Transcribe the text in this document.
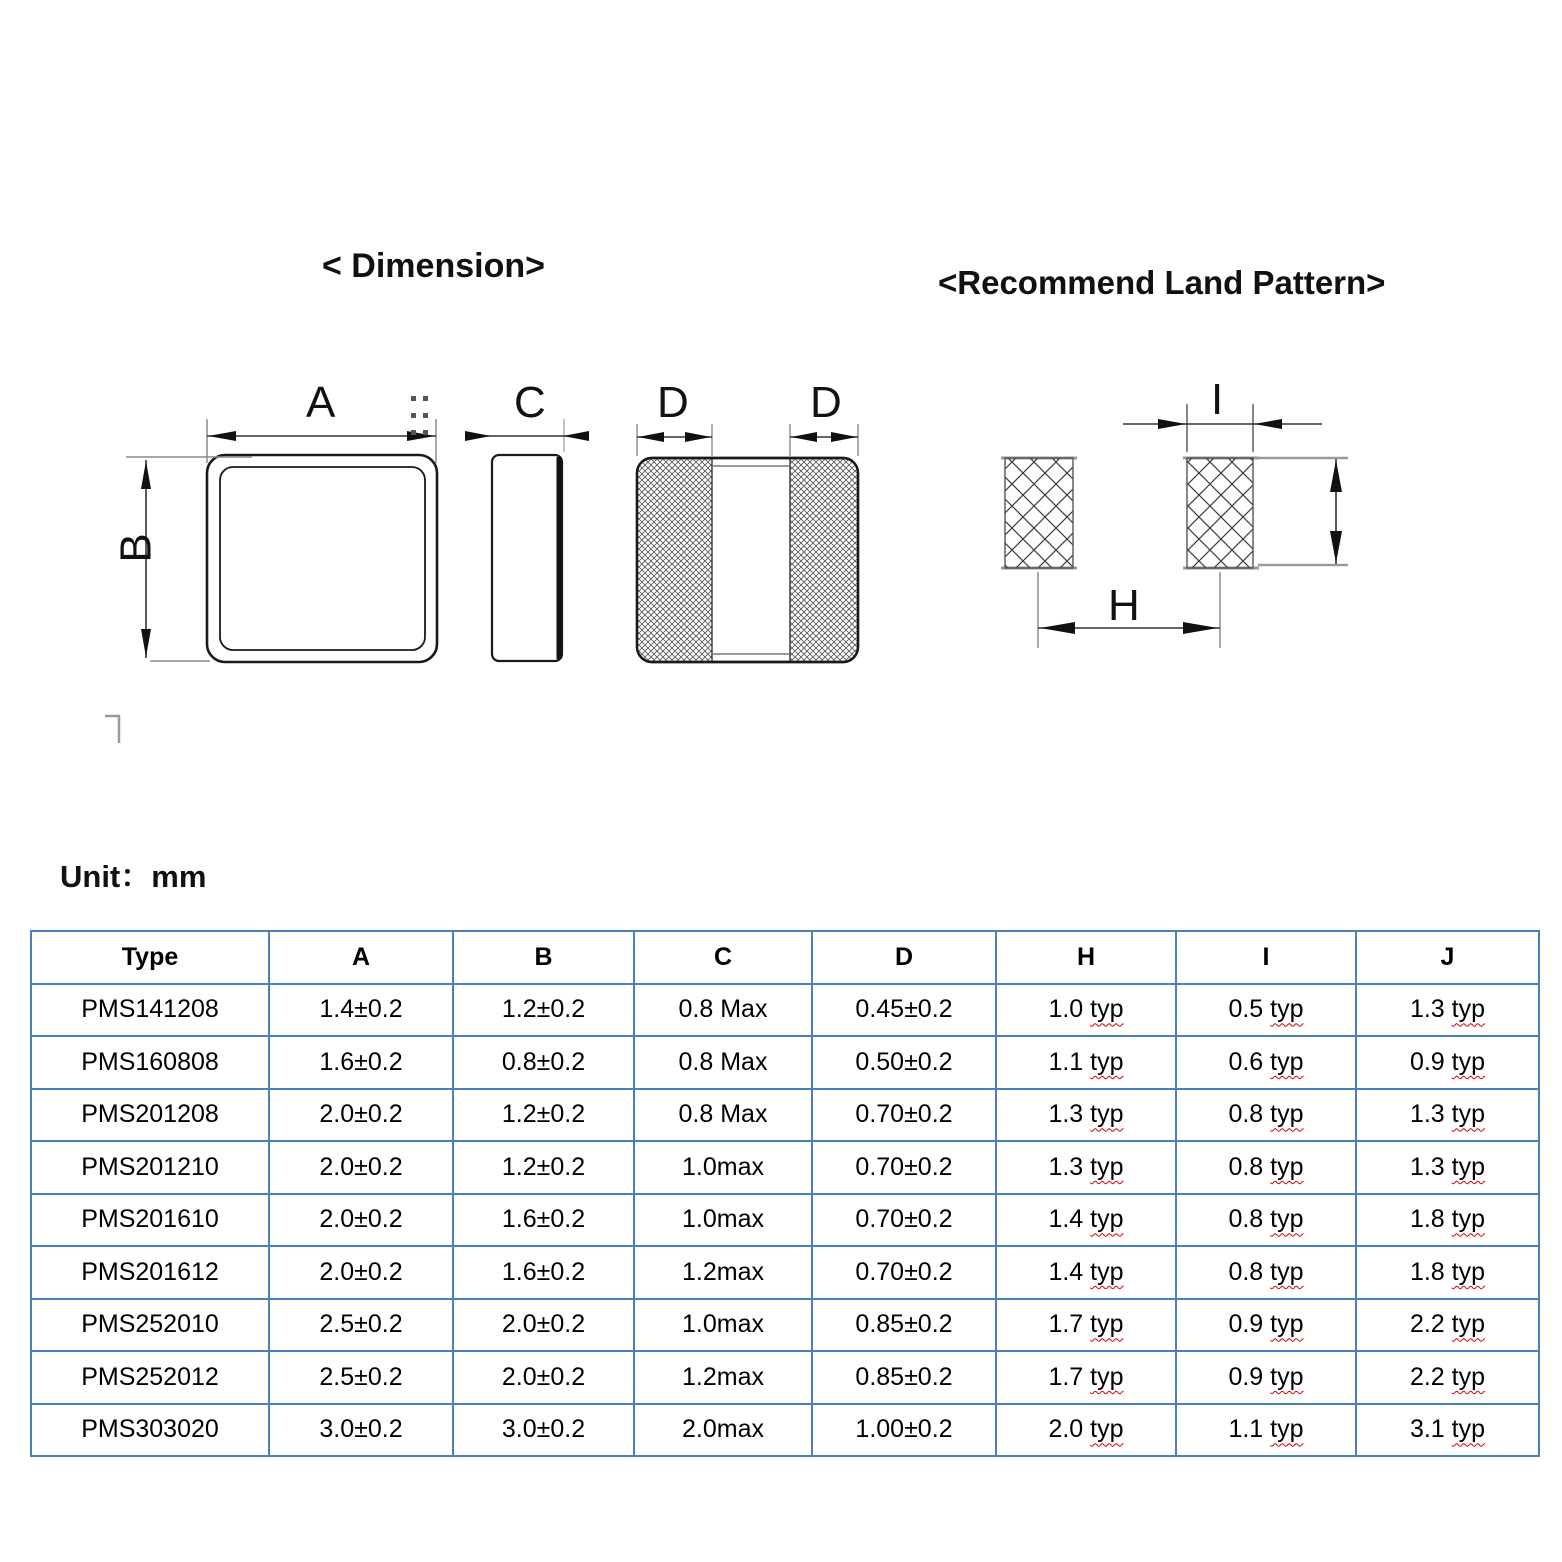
< Dimension>	<Recommend Land Pattern>
Unit：mm
A
B
C	D	D	I
H
Type	A	B	C	D	H	I	J
PMS141208	1.4±0.2	1.2±0.2	0.8 Max	0.45±0.2	1.0 typ	0.5 typ	1.3 typ
PMS160808	1.6±0.2	0.8±0.2	0.8 Max	0.50±0.2	1.1 typ	0.6 typ	0.9 typ
PMS201208	2.0±0.2	1.2±0.2	0.8 Max	0.70±0.2	1.3 typ	0.8 typ	1.3 typ
PMS201210	2.0±0.2	1.2±0.2	1.0max	0.70±0.2	1.3 typ	0.8 typ	1.3 typ
PMS201610	2.0±0.2	1.6±0.2	1.0max	0.70±0.2	1.4 typ	0.8 typ	1.8 typ
PMS201612	2.0±0.2	1.6±0.2	1.2max	0.70±0.2	1.4 typ	0.8 typ	1.8 typ
PMS252010	2.5±0.2	2.0±0.2	1.0max	0.85±0.2	1.7 typ	0.9 typ	2.2 typ
PMS252012	2.5±0.2	2.0±0.2	1.2max	0.85±0.2	1.7 typ	0.9 typ	2.2 typ
PMS303020	3.0±0.2	3.0±0.2	2.0max	1.00±0.2	2.0 typ	1.1 typ	3.1 typ
